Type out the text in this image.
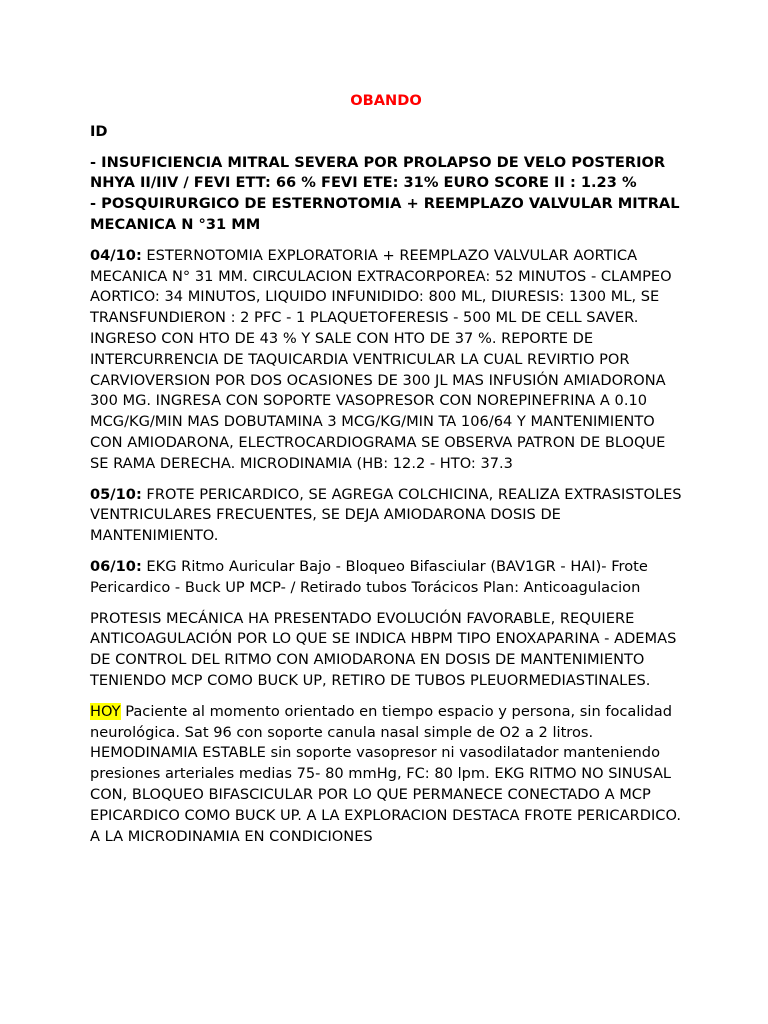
OBANDO
ID
- INSUFICIENCIA MITRAL SEVERA POR PROLAPSO DE VELO POSTERIOR NHYA II/IIV / FEVI ETT: 66 % FEVI ETE: 31% EURO SCORE II : 1.23 %
- POSQUIRURGICO DE ESTERNOTOMIA + REEMPLAZO VALVULAR MITRAL MECANICA N °31 MM
04/10: ESTERNOTOMIA EXPLORATORIA + REEMPLAZO VALVULAR AORTICA MECANICA N° 31 MM. CIRCULACION EXTRACORPOREA: 52 MINUTOS - CLAMPEO AORTICO: 34 MINUTOS, LIQUIDO INFUNIDIDO: 800 ML, DIURESIS: 1300 ML, SE TRANSFUNDIERON : 2 PFC - 1 PLAQUETOFERESIS - 500 ML DE CELL SAVER. INGRESO CON HTO DE 43 % Y SALE CON HTO DE 37 %. REPORTE DE INTERCURRENCIA DE TAQUICARDIA VENTRICULAR LA CUAL REVIRTIO POR CARVIOVERSION POR DOS OCASIONES DE 300 JL MAS INFUSIÓN AMIADORONA 300 MG. INGRESA CON SOPORTE VASOPRESOR CON NOREPINEFRINA A 0.10 MCG/KG/MIN MAS DOBUTAMINA 3 MCG/KG/MIN TA 106/64 Y MANTENIMIENTO CON AMIODARONA, ELECTROCARDIOGRAMA SE OBSERVA PATRON DE BLOQUE SE RAMA DERECHA. MICRODINAMIA (HB: 12.2 - HTO: 37.3
05/10: FROTE PERICARDICO, SE AGREGA COLCHICINA, REALIZA EXTRASISTOLES VENTRICULARES FRECUENTES, SE DEJA AMIODARONA DOSIS DE MANTENIMIENTO.
06/10: EKG Ritmo Auricular Bajo - Bloqueo Bifasciular (BAV1GR - HAI)- Frote Pericardico - Buck UP MCP- / Retirado tubos Torácicos Plan: Anticoagulacion
PROTESIS MECÁNICA HA PRESENTADO EVOLUCIÓN FAVORABLE, REQUIERE ANTICOAGULACIÓN POR LO QUE SE INDICA HBPM TIPO ENOXAPARINA - ADEMAS DE CONTROL DEL RITMO CON AMIODARONA EN DOSIS DE MANTENIMIENTO TENIENDO MCP COMO BUCK UP, RETIRO DE TUBOS PLEUORMEDIASTINALES.
HOY Paciente al momento orientado en tiempo espacio y persona, sin focalidad neurológica. Sat 96 con soporte canula nasal simple de O2 a 2 litros. HEMODINAMIA ESTABLE sin soporte vasopresor ni vasodilatador manteniendo presiones arteriales medias 75- 80 mmHg, FC: 80 lpm. EKG RITMO NO SINUSAL CON, BLOQUEO BIFASCICULAR POR LO QUE PERMANECE CONECTADO A MCP EPICARDICO COMO BUCK UP. A LA EXPLORACION DESTACA FROTE PERICARDICO. A LA MICRODINAMIA EN CONDICIONES
